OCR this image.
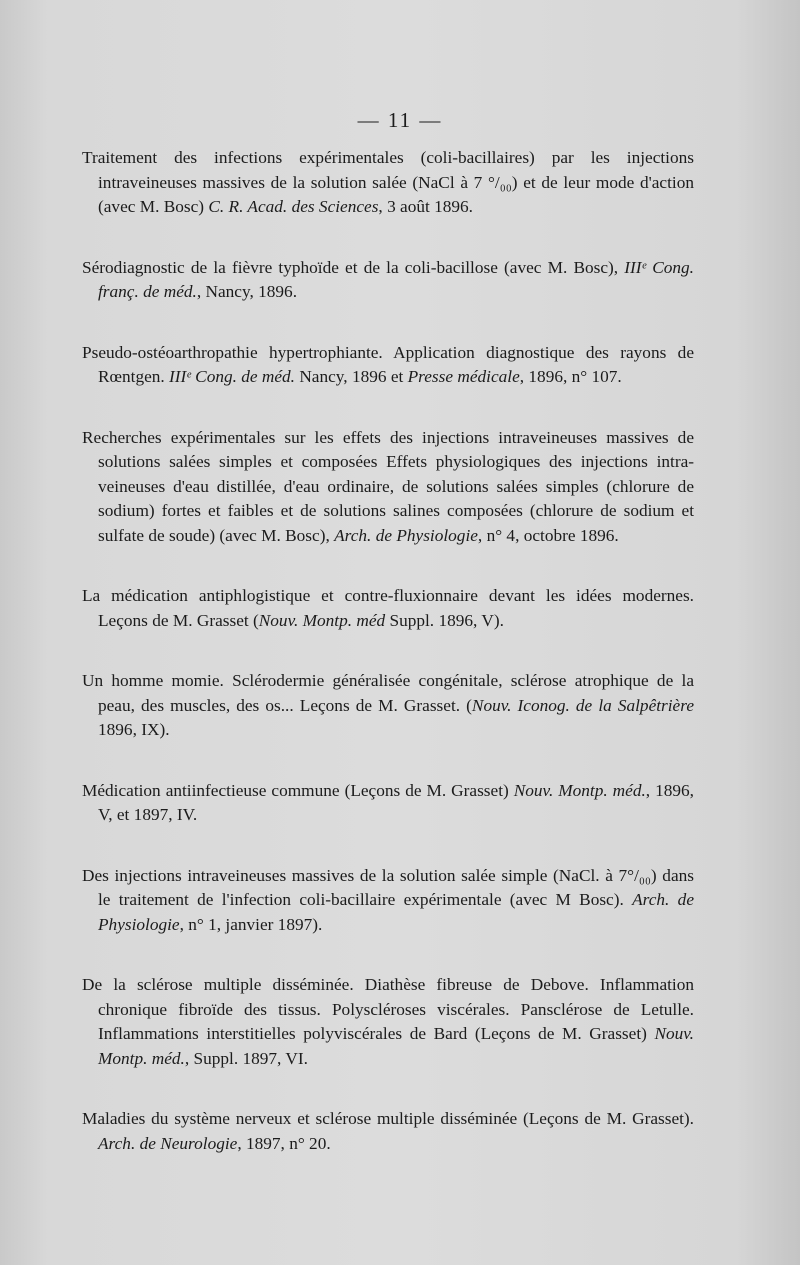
— 11 —

Traitement des infections expérimentales (coli-bacillaires) par les injections intraveineuses massives de la solution salée (NaCl à 7 °/₀₀) et de leur mode d'action (avec M. Bosc) C. R. Acad. des Sciences, 3 août 1896.

Sérodiagnostic de la fièvre typhoïde et de la coli-bacillose (avec M. Bosc), IIIᵉ Cong. franç. de méd., Nancy, 1896.

Pseudo-ostéoarthropathie hypertrophiante. Application diagnostique des rayons de Rœntgen. IIIᵉ Cong. de méd. Nancy, 1896 et Presse médicale, 1896, n° 107.

Recherches expérimentales sur les effets des injections intraveineuses massives de solutions salées simples et composées Effets physiologiques des injections intra-veineuses d'eau distillée, d'eau ordinaire, de solutions salées simples (chlorure de sodium) fortes et faibles et de solutions salines composées (chlorure de sodium et sulfate de soude) (avec M. Bosc), Arch. de Physiologie, n° 4, octobre 1896.

La médication antiphlogistique et contre-fluxionnaire devant les idées modernes. Leçons de M. Grasset (Nouv. Montp. méd Suppl. 1896, V).

Un homme momie. Sclérodermie généralisée congénitale, sclérose atrophique de la peau, des muscles, des os... Leçons de M. Grasset. (Nouv. Iconog. de la Salpêtrière 1896, IX).

Médication antiinfectieuse commune (Leçons de M. Grasset) Nouv. Montp. méd., 1896, V, et 1897, IV.

Des injections intraveineuses massives de la solution salée simple (NaCl. à 7°/₀₀) dans le traitement de l'infection coli-bacillaire expérimentale (avec M Bosc). Arch. de Physiologie, n° 1, janvier 1897).

De la sclérose multiple disséminée. Diathèse fibreuse de Debove. Inflammation chronique fibroïde des tissus. Polyscléroses viscérales. Pansclérose de Letulle. Inflammations interstitielles polyviscérales de Bard (Leçons de M. Grasset) Nouv. Montp. méd., Suppl. 1897, VI.

Maladies du système nerveux et sclérose multiple disséminée (Leçons de M. Grasset). Arch. de Neurologie, 1897, n° 20.
